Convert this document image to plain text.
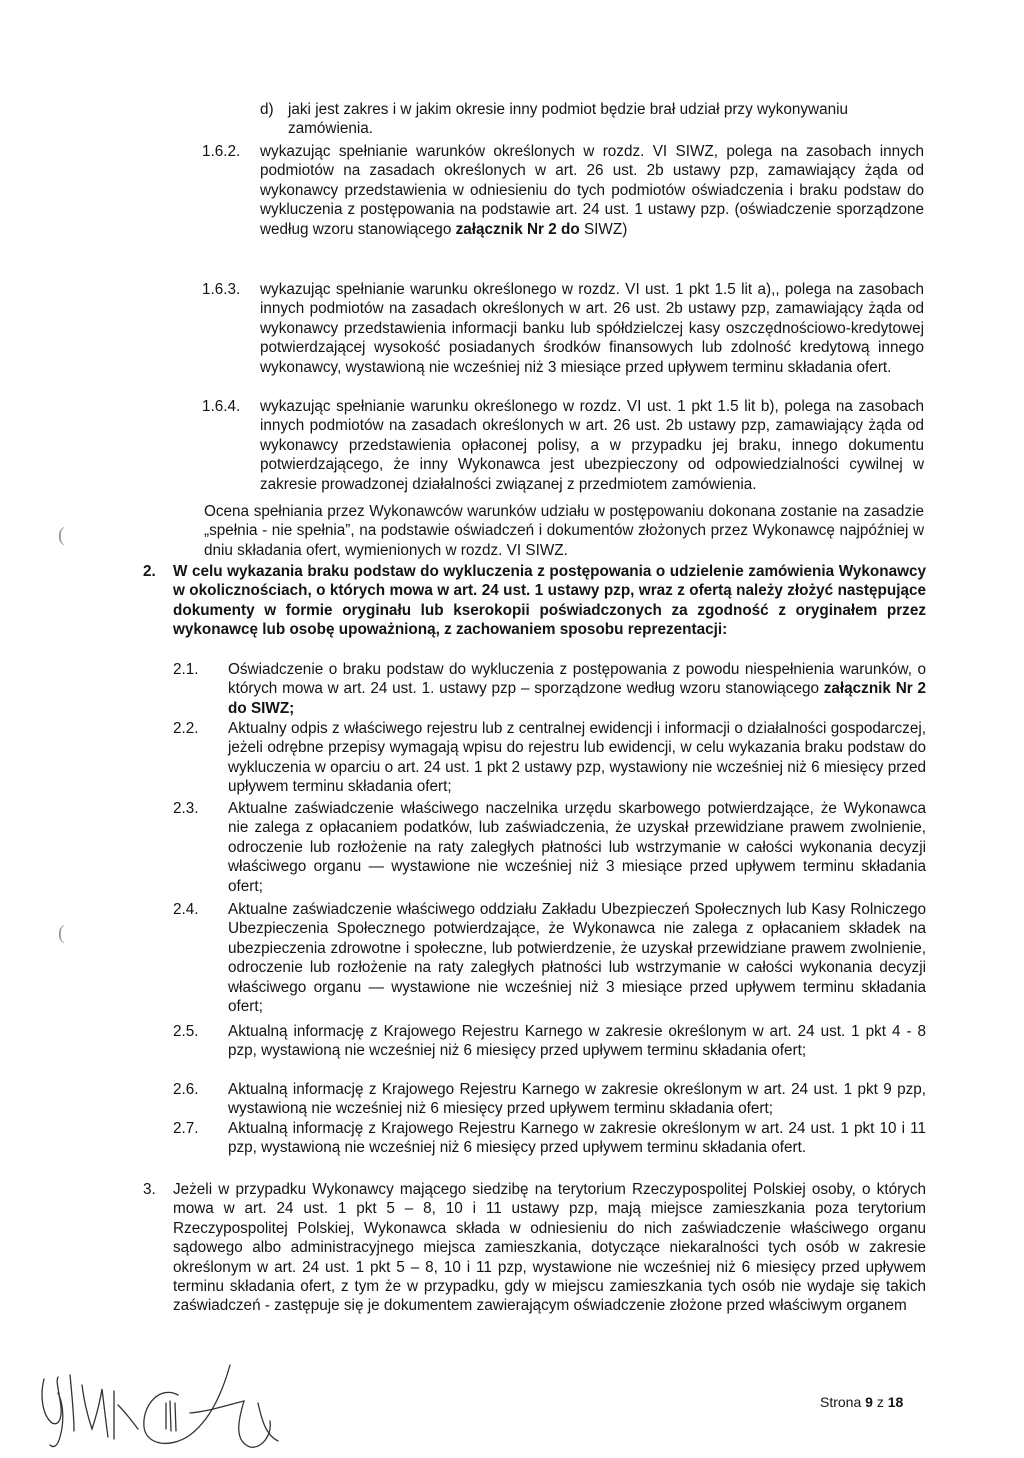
d) jaki jest zakres i w jakim okresie inny podmiot będzie brał udział przy wykonywaniu zamówienia.
1.6.2. wykazując spełnianie warunków określonych w rozdz. VI SIWZ, polega na zasobach innych podmiotów na zasadach określonych w art. 26 ust. 2b ustawy pzp, zamawiający żąda od wykonawcy przedstawienia w odniesieniu do tych podmiotów oświadczenia i braku podstaw do wykluczenia z postępowania na podstawie art. 24 ust. 1 ustawy pzp. (oświadczenie sporządzone według wzoru stanowiącego załącznik Nr 2 do SIWZ)
1.6.3. wykazując spełnianie warunku określonego w rozdz. VI ust. 1 pkt 1.5 lit a),, polega na zasobach innych podmiotów na zasadach określonych w art. 26 ust. 2b ustawy pzp, zamawiający żąda od wykonawcy przedstawienia informacji banku lub spółdzielczej kasy oszczędnościowo-kredytowej potwierdzającej wysokość posiadanych środków finansowych lub zdolność kredytową innego wykonawcy, wystawioną nie wcześniej niż 3 miesiące przed upływem terminu składania ofert.
1.6.4. wykazując spełnianie warunku określonego w rozdz. VI ust. 1 pkt 1.5 lit b), polega na zasobach innych podmiotów na zasadach określonych w art. 26 ust. 2b ustawy pzp, zamawiający żąda od wykonawcy przedstawienia opłaconej polisy, a w przypadku jej braku, innego dokumentu potwierdzającego, że inny Wykonawca jest ubezpieczony od odpowiedzialności cywilnej w zakresie prowadzonej działalności związanej z przedmiotem zamówienia.
Ocena spełniania przez Wykonawców warunków udziału w postępowaniu dokonana zostanie na zasadzie „spełnia - nie spełnia”, na podstawie oświadczeń i dokumentów złożonych przez Wykonawcę najpóźniej w dniu składania ofert, wymienionych w rozdz. VI SIWZ.
2. W celu wykazania braku podstaw do wykluczenia z postępowania o udzielenie zamówienia Wykonawcy w okolicznościach, o których mowa w art. 24 ust. 1 ustawy pzp, wraz z ofertą należy złożyć następujące dokumenty w formie oryginału lub kserokopii poświadczonych za zgodność z oryginałem przez wykonawcę lub osobę upoważnioną, z zachowaniem sposobu reprezentacji:
2.1. Oświadczenie o braku podstaw do wykluczenia z postępowania z powodu niespełnienia warunków, o których mowa w art. 24 ust. 1. ustawy pzp – sporządzone według wzoru stanowiącego załącznik Nr 2 do SIWZ;
2.2. Aktualny odpis z właściwego rejestru lub z centralnej ewidencji i informacji o działalności gospodarczej, jeżeli odrębne przepisy wymagają wpisu do rejestru lub ewidencji, w celu wykazania braku podstaw do wykluczenia w oparciu o art. 24 ust. 1 pkt 2 ustawy pzp, wystawiony nie wcześniej niż 6 miesięcy przed upływem terminu składania ofert;
2.3. Aktualne zaświadczenie właściwego naczelnika urzędu skarbowego potwierdzające, że Wykonawca nie zalega z opłacaniem podatków, lub zaświadczenia, że uzyskał przewidziane prawem zwolnienie, odroczenie lub rozłożenie na raty zaległych płatności lub wstrzymanie w całości wykonania decyzji właściwego organu — wystawione nie wcześniej niż 3 miesiące przed upływem terminu składania ofert;
2.4. Aktualne zaświadczenie właściwego oddziału Zakładu Ubezpieczeń Społecznych lub Kasy Rolniczego Ubezpieczenia Społecznego potwierdzające, że Wykonawca nie zalega z opłacaniem składek na ubezpieczenia zdrowotne i społeczne, lub potwierdzenie, że uzyskał przewidziane prawem zwolnienie, odroczenie lub rozłożenie na raty zaległych płatności lub wstrzymanie w całości wykonania decyzji właściwego organu — wystawione nie wcześniej niż 3 miesiące przed upływem terminu składania ofert;
2.5. Aktualną informację z Krajowego Rejestru Karnego w zakresie określonym w art. 24 ust. 1 pkt 4 - 8 pzp, wystawioną nie wcześniej niż 6 miesięcy przed upływem terminu składania ofert;
2.6. Aktualną informację z Krajowego Rejestru Karnego w zakresie określonym w art. 24 ust. 1 pkt 9 pzp, wystawioną nie wcześniej niż 6 miesięcy przed upływem terminu składania ofert;
2.7. Aktualną informację z Krajowego Rejestru Karnego w zakresie określonym w art. 24 ust. 1 pkt 10 i 11 pzp, wystawioną nie wcześniej niż 6 miesięcy przed upływem terminu składania ofert.
3. Jeżeli w przypadku Wykonawcy mającego siedzibę na terytorium Rzeczypospolitej Polskiej osoby, o których mowa w art. 24 ust. 1 pkt 5 – 8, 10 i 11 ustawy pzp, mają miejsce zamieszkania poza terytorium Rzeczypospolitej Polskiej, Wykonawca składa w odniesieniu do nich zaświadczenie właściwego organu sądowego albo administracyjnego miejsca zamieszkania, dotyczące niekaralności tych osób w zakresie określonym w art. 24 ust. 1 pkt 5 – 8, 10 i 11 pzp, wystawione nie wcześniej niż 6 miesięcy przed upływem terminu składania ofert, z tym że w przypadku, gdy w miejscu zamieszkania tych osób nie wydaje się takich zaświadczeń - zastępuje się je dokumentem zawierającym oświadczenie złożone przed właściwym organem
(
(
Strona 9 z 18
